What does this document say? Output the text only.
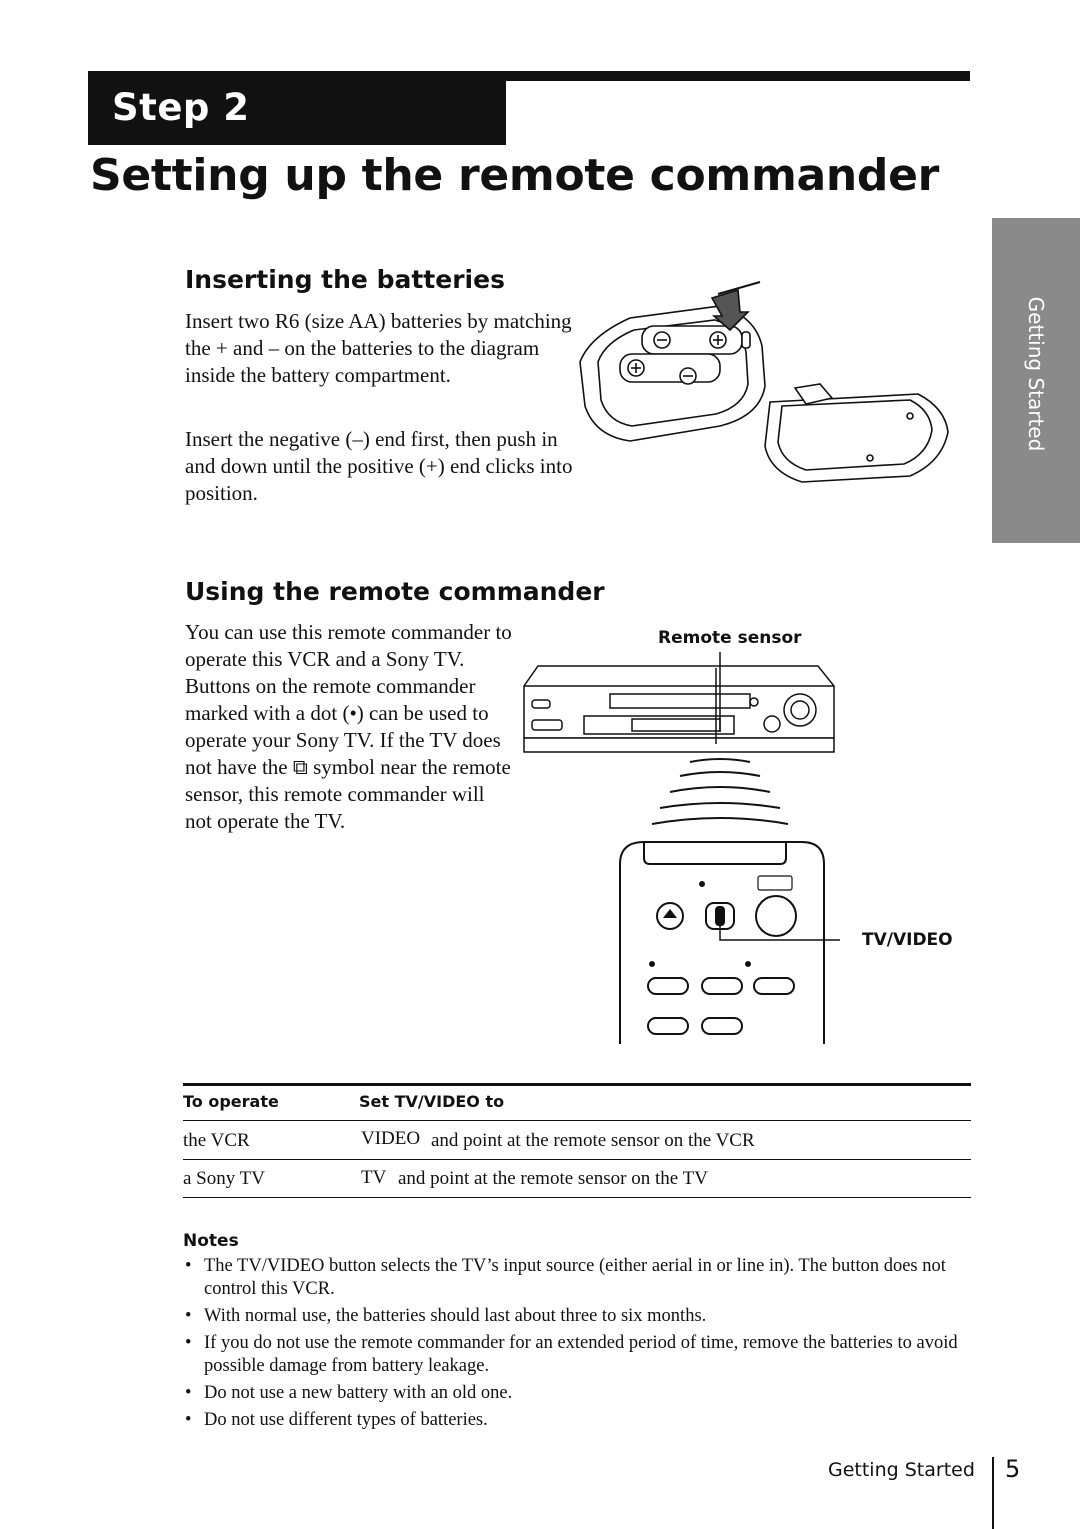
Step 2
Setting up the remote commander
Getting Started
Inserting the batteries

Insert two R6 (size AA) batteries by matching the + and – on the batteries to the diagram inside the battery compartment.

Insert the negative (–) end first, then push in and down until the positive (+) end clicks into position.

Using the remote commander

You can use this remote commander to operate this VCR and a Sony TV. Buttons on the remote commander marked with a dot (•) can be used to operate your Sony TV. If the TV does not have the ⧉ symbol near the remote sensor, this remote commander will not operate the TV.

Remote sensor
TV/VIDEO
To operate	Set TV/VIDEO to
the VCR	VIDEO and point at the remote sensor on the VCR
a Sony TV	TV and point at the remote sensor on the TV
Notes
• The TV/VIDEO button selects the TV’s input source (either aerial in or line in). The button does not control this VCR.
• With normal use, the batteries should last about three to six months.
• If you do not use the remote commander for an extended period of time, remove the batteries to avoid possible damage from battery leakage.
• Do not use a new battery with an old one.
• Do not use different types of batteries.
Getting Started 5
